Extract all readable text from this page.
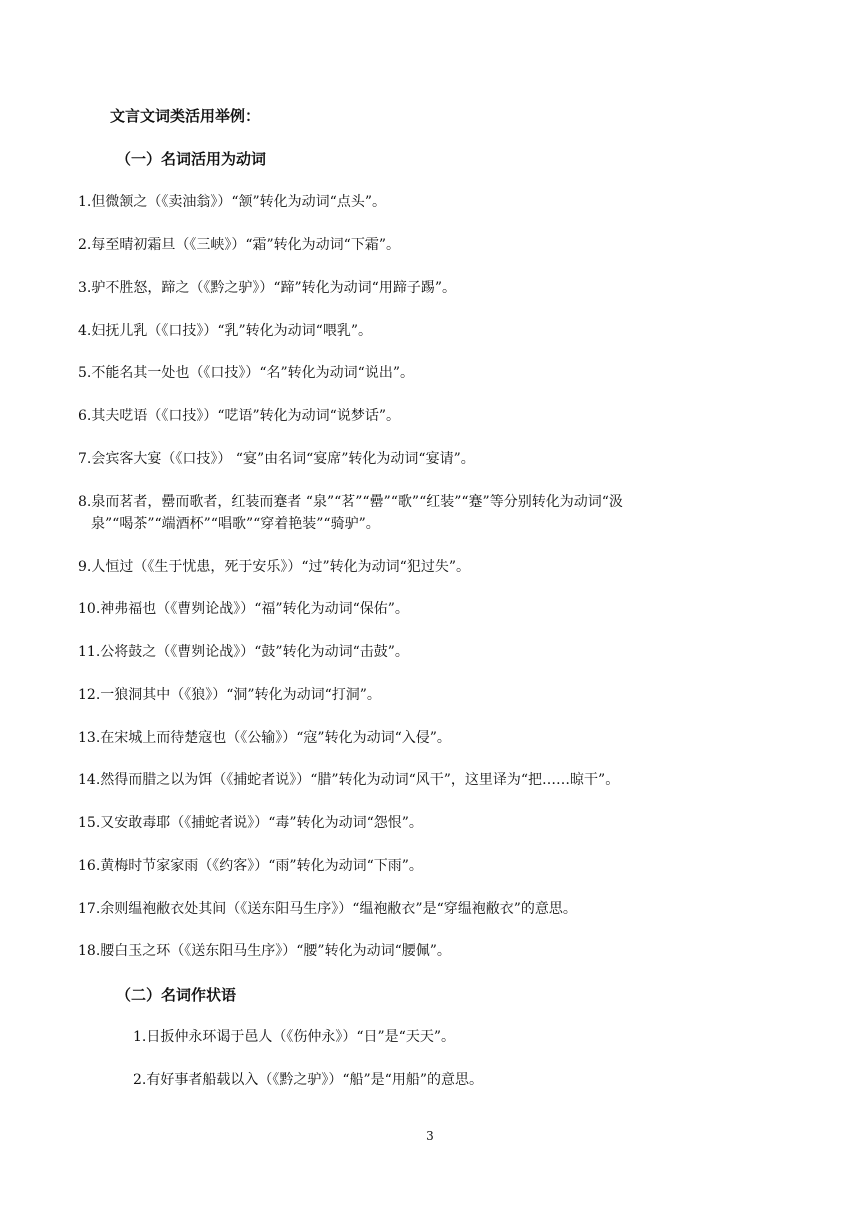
文言文词类活用举例：
（一）名词活用为动词
1.但微颔之（《卖油翁》）“颔”转化为动词“点头”。
2.每至晴初霜旦（《三峡》）“霜”转化为动词“下霜”。
3.驴不胜怒，蹄之（《黔之驴》）“蹄”转化为动词“用蹄子踢”。
4.妇抚儿乳（《口技》）“乳”转化为动词“喂乳”。
5.不能名其一处也（《口技》）“名”转化为动词“说出”。
6.其夫呓语（《口技》）“呓语”转化为动词“说梦话”。
7.会宾客大宴（《口技》） “宴”由名词“宴席”转化为动词“宴请”。
8.泉而茗者，罍而歌者，红装而蹇者 “泉”“茗”“罍”“歌”“红装”“蹇”等分别转化为动词“汲
泉”“喝茶”“端酒杯”“唱歌”“穿着艳装”“骑驴”。
9.人恒过（《生于忧患，死于安乐》）“过”转化为动词“犯过失”。
10.神弗福也（《曹刿论战》）“福”转化为动词“保佑”。
11.公将鼓之（《曹刿论战》）“鼓”转化为动词“击鼓”。
12.一狼洞其中（《狼》）“洞”转化为动词“打洞”。
13.在宋城上而待楚寇也（《公输》）“寇”转化为动词“入侵”。
14.然得而腊之以为饵（《捕蛇者说》）“腊”转化为动词“风干”，这里译为“把……晾干”。
15.又安敢毒耶（《捕蛇者说》）“毒”转化为动词“怨恨”。
16.黄梅时节家家雨（《约客》）“雨”转化为动词“下雨”。
17.余则缊袍敝衣处其间（《送东阳马生序》）“缊袍敝衣”是“穿缊袍敝衣”的意思。
18.腰白玉之环（《送东阳马生序》）“腰”转化为动词“腰佩”。
（二）名词作状语
1.日扳仲永环谒于邑人（《伤仲永》）“日”是“天天”。
2.有好事者船载以入（《黔之驴》）“船”是“用船”的意思。
3
